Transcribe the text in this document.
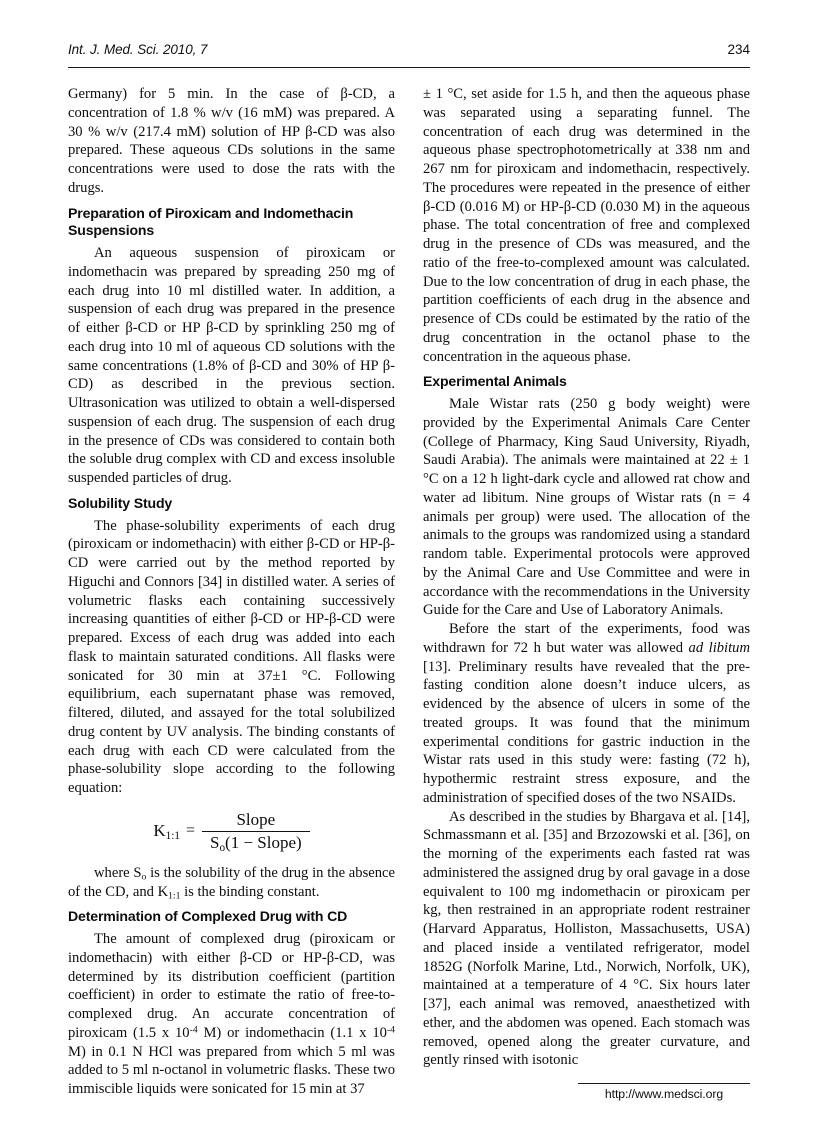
Int. J. Med. Sci. 2010, 7	234

Germany) for 5 min. In the case of β-CD, a concentration of 1.8 % w/v (16 mM) was prepared. A 30 % w/v (217.4 mM) solution of HP β-CD was also prepared. These aqueous CDs solutions in the same concentrations were used to dose the rats with the drugs.

Preparation of Piroxicam and Indomethacin Suspensions

An aqueous suspension of piroxicam or indomethacin was prepared by spreading 250 mg of each drug into 10 ml distilled water. In addition, a suspension of each drug was prepared in the presence of either β-CD or HP β-CD by sprinkling 250 mg of each drug into 10 ml of aqueous CD solutions with the same concentrations (1.8% of β-CD and 30% of HP β-CD) as described in the previous section. Ultrasonication was utilized to obtain a well-dispersed suspension of each drug. The suspension of each drug in the presence of CDs was considered to contain both the soluble drug complex with CD and excess insoluble suspended particles of drug.

Solubility Study

The phase-solubility experiments of each drug (piroxicam or indomethacin) with either β-CD or HP-β-CD were carried out by the method reported by Higuchi and Connors [34] in distilled water. A series of volumetric flasks each containing successively increasing quantities of either β-CD or HP-β-CD were prepared. Excess of each drug was added into each flask to maintain saturated conditions. All flasks were sonicated for 30 min at 37±1 °C. Following equilibrium, each supernatant phase was removed, filtered, diluted, and assayed for the total solubilized drug content by UV analysis. The binding constants of each drug with each CD were calculated from the phase-solubility slope according to the following equation:

$K_{1:1} = \frac{\text{Slope}}{S_o(1 - Slope)}$

where $S_o$ is the solubility of the drug in the absence of the CD, and $K_{1:1}$ is the binding constant.

Determination of Complexed Drug with CD

The amount of complexed drug (piroxicam or indomethacin) with either β-CD or HP-β-CD, was determined by its distribution coefficient (partition coefficient) in order to estimate the ratio of free-to-complexed drug. An accurate concentration of piroxicam (1.5 x $10^{-4}$ M) or indomethacin (1.1 x $10^{-4}$ M) in 0.1 N HCl was prepared from which 5 ml was added to 5 ml n-octanol in volumetric flasks. These two immiscible liquids were sonicated for 15 min at 37

± 1 °C, set aside for 1.5 h, and then the aqueous phase was separated using a separating funnel. The concentration of each drug was determined in the aqueous phase spectrophotometrically at 338 nm and 267 nm for piroxicam and indomethacin, respectively. The procedures were repeated in the presence of either β-CD (0.016 M) or HP-β-CD (0.030 M) in the aqueous phase. The total concentration of free and complexed drug in the presence of CDs was measured, and the ratio of the free-to-complexed amount was calculated. Due to the low concentration of drug in each phase, the partition coefficients of each drug in the absence and presence of CDs could be estimated by the ratio of the drug concentration in the octanol phase to the concentration in the aqueous phase.

Experimental Animals

Male Wistar rats (250 g body weight) were provided by the Experimental Animals Care Center (College of Pharmacy, King Saud University, Riyadh, Saudi Arabia). The animals were maintained at 22 ± 1 °C on a 12 h light-dark cycle and allowed rat chow and water ad libitum. Nine groups of Wistar rats (n = 4 animals per group) were used. The allocation of the animals to the groups was randomized using a standard random table. Experimental protocols were approved by the Animal Care and Use Committee and were in accordance with the recommendations in the University Guide for the Care and Use of Laboratory Animals.

Before the start of the experiments, food was withdrawn for 72 h but water was allowed ad libitum [13]. Preliminary results have revealed that the pre-fasting condition alone doesn’t induce ulcers, as evidenced by the absence of ulcers in some of the treated groups. It was found that the minimum experimental conditions for gastric induction in the Wistar rats used in this study were: fasting (72 h), hypothermic restraint stress exposure, and the administration of specified doses of the two NSAIDs.

As described in the studies by Bhargava et al. [14], Schmassmann et al. [35] and Brzozowski et al. [36], on the morning of the experiments each fasted rat was administered the assigned drug by oral gavage in a dose equivalent to 100 mg indomethacin or piroxicam per kg, then restrained in an appropriate rodent restrainer (Harvard Apparatus, Holliston, Massachusetts, USA) and placed inside a ventilated refrigerator, model 1852G (Norfolk Marine, Ltd., Norwich, Norfolk, UK), maintained at a temperature of 4 °C. Six hours later [37], each animal was removed, anaesthetized with ether, and the abdomen was opened. Each stomach was removed, opened along the greater curvature, and gently rinsed with isotonic

http://www.medsci.org
